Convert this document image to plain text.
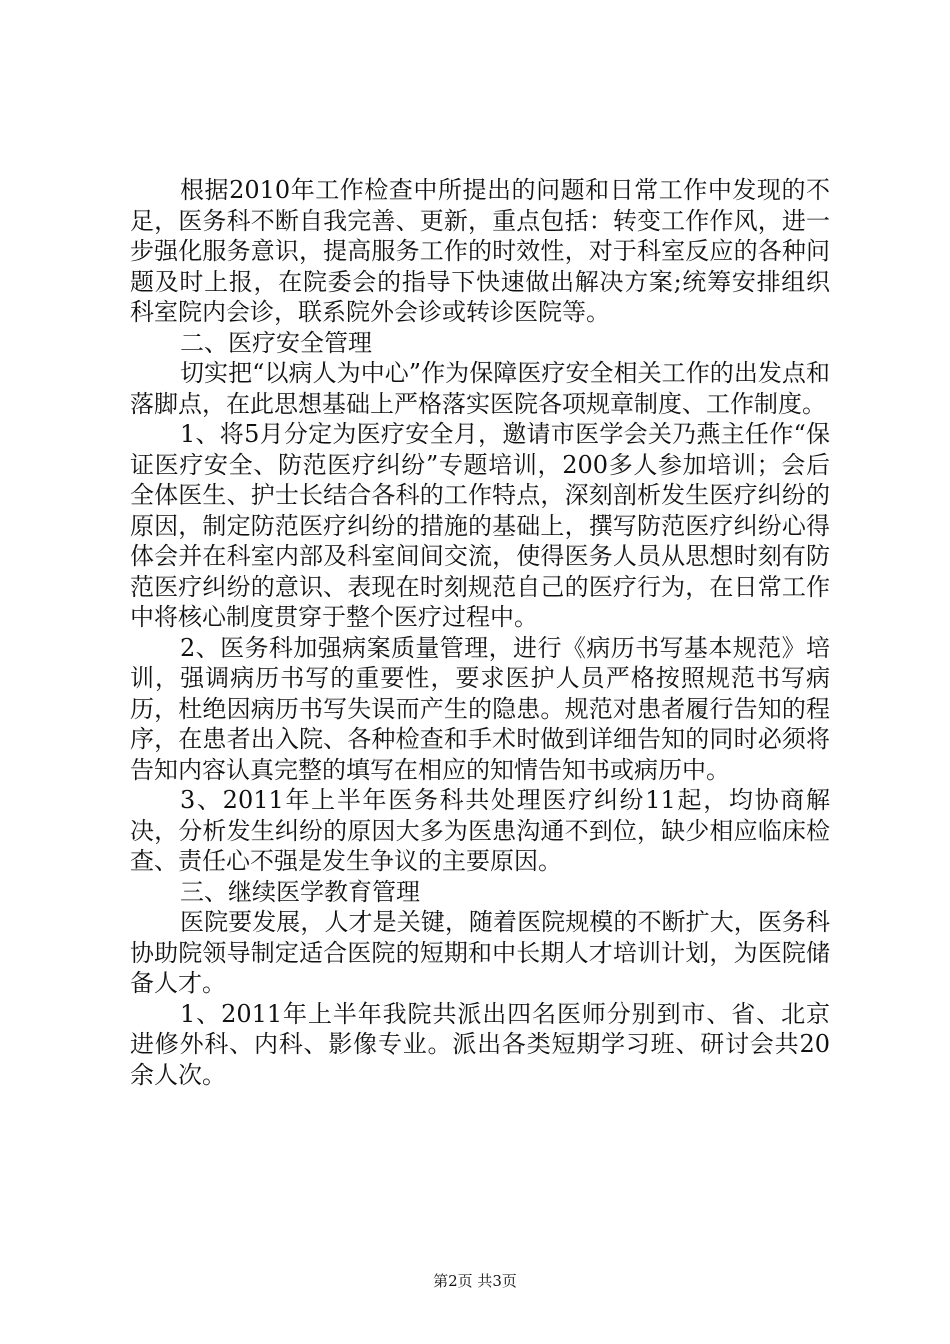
根据2010年工作检查中所提出的问题和日常工作中发现的不足，医务科不断自我完善、更新，重点包括：转变工作作风，进一步强化服务意识，提高服务工作的时效性，对于科室反应的各种问题及时上报，在院委会的指导下快速做出解决方案;统筹安排组织科室院内会诊，联系院外会诊或转诊医院等。

二、医疗安全管理

切实把“以病人为中心”作为保障医疗安全相关工作的出发点和落脚点，在此思想基础上严格落实医院各项规章制度、工作制度。

1、将5月分定为医疗安全月，邀请市医学会关乃燕主任作“保证医疗安全、防范医疗纠纷”专题培训，200多人参加培训；会后全体医生、护士长结合各科的工作特点，深刻剖析发生医疗纠纷的原因，制定防范医疗纠纷的措施的基础上，撰写防范医疗纠纷心得体会并在科室内部及科室间间交流，使得医务人员从思想时刻有防范医疗纠纷的意识、表现在时刻规范自己的医疗行为，在日常工作中将核心制度贯穿于整个医疗过程中。

2、医务科加强病案质量管理，进行《病历书写基本规范》培训，强调病历书写的重要性，要求医护人员严格按照规范书写病历，杜绝因病历书写失误而产生的隐患。规范对患者履行告知的程序，在患者出入院、各种检查和手术时做到详细告知的同时必须将告知内容认真完整的填写在相应的知情告知书或病历中。

3、2011年上半年医务科共处理医疗纠纷11起，均协商解决，分析发生纠纷的原因大多为医患沟通不到位，缺少相应临床检查、责任心不强是发生争议的主要原因。

三、继续医学教育管理

医院要发展，人才是关键，随着医院规模的不断扩大，医务科协助院领导制定适合医院的短期和中长期人才培训计划，为医院储备人才。

1、2011年上半年我院共派出四名医师分别到市、省、北京进修外科、内科、影像专业。派出各类短期学习班、研讨会共20余人次。

第2页 共3页
